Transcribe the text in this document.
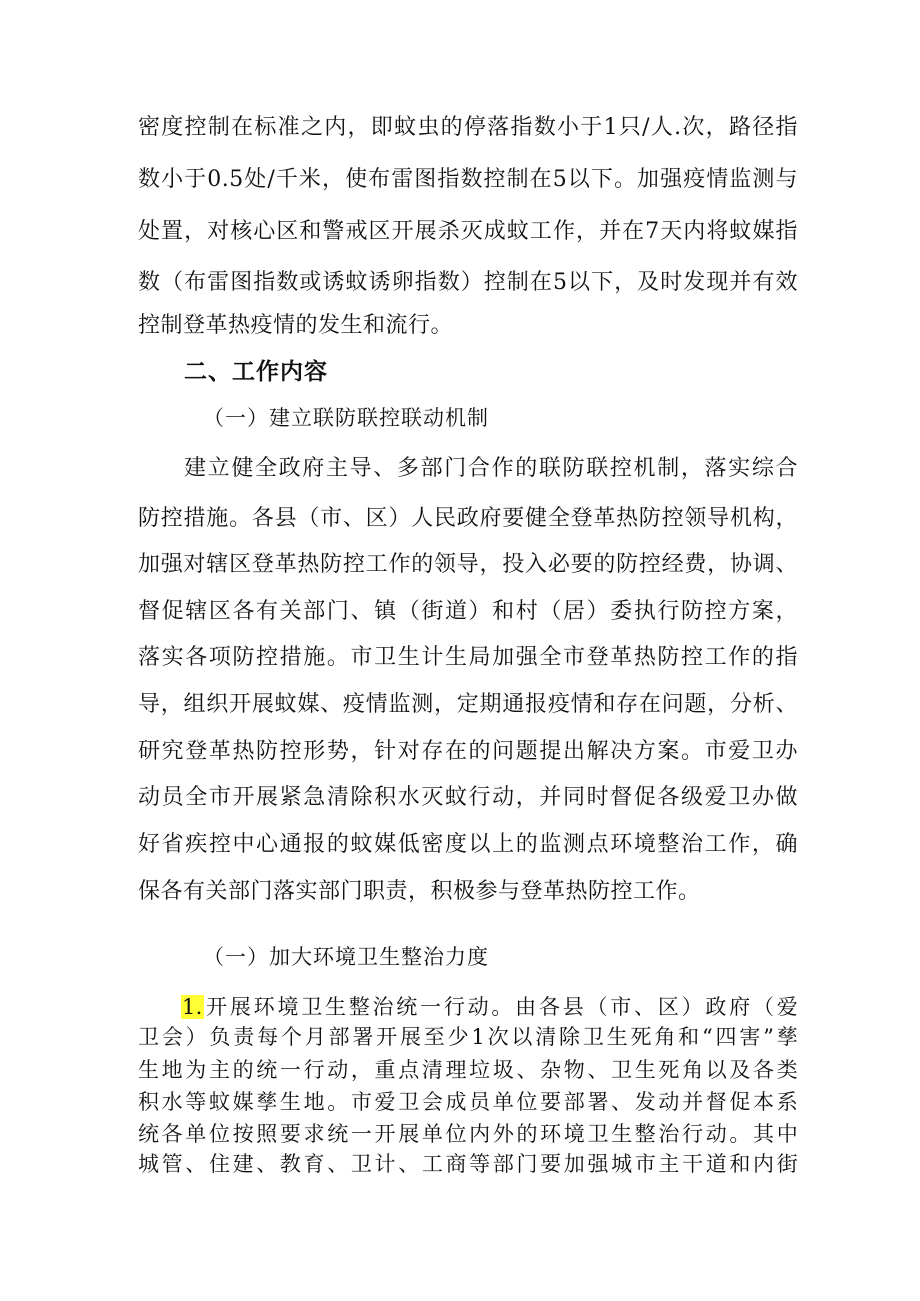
密度控制在标准之内，即蚊虫的停落指数小于1只/人.次，路径指
数小于0.5处/千米，使布雷图指数控制在5以下。加强疫情监测与
处置，对核心区和警戒区开展杀灭成蚊工作，并在7天内将蚊媒指
数（布雷图指数或诱蚊诱卵指数）控制在5以下，及时发现并有效
控制登革热疫情的发生和流行。
二、工作内容
（一）建立联防联控联动机制
建立健全政府主导、多部门合作的联防联控机制，落实综合
防控措施。各县（市、区）人民政府要健全登革热防控领导机构，
加强对辖区登革热防控工作的领导，投入必要的防控经费，协调、
督促辖区各有关部门、镇（街道）和村（居）委执行防控方案，
落实各项防控措施。市卫生计生局加强全市登革热防控工作的指
导，组织开展蚊媒、疫情监测，定期通报疫情和存在问题，分析、
研究登革热防控形势，针对存在的问题提出解决方案。市爱卫办
动员全市开展紧急清除积水灭蚊行动，并同时督促各级爱卫办做
好省疾控中心通报的蚊媒低密度以上的监测点环境整治工作，确
保各有关部门落实部门职责，积极参与登革热防控工作。
（一）加大环境卫生整治力度
1.开展环境卫生整治统一行动。由各县（市、区）政府（爱
卫会）负责每个月部署开展至少1次以清除卫生死角和“四害”孳
生地为主的统一行动，重点清理垃圾、杂物、卫生死角以及各类
积水等蚊媒孳生地。市爱卫会成员单位要部署、发动并督促本系
统各单位按照要求统一开展单位内外的环境卫生整治行动。其中
城管、住建、教育、卫计、工商等部门要加强城市主干道和内街
